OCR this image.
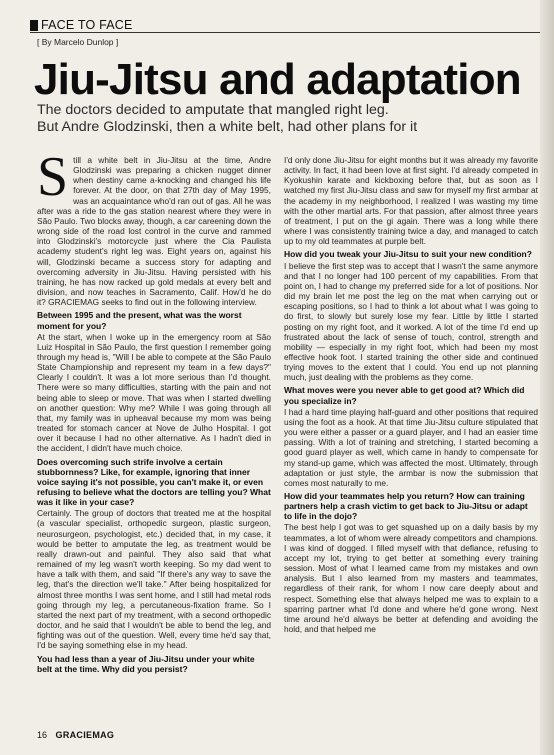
FACE TO FACE
[ By Marcelo Dunlop ]
Jiu-Jitsu and adaptation
The doctors decided to amputate that mangled right leg.
But Andre Glodzinski, then a white belt, had other plans for it

Still a white belt in Jiu-Jitsu at the time, Andre Glodzinski was preparing a chicken nugget dinner when destiny came a-knocking and changed his life forever. At the door, on that 27th day of May 1995, was an acquaintance who'd ran out of gas. All he was after was a ride to the gas station nearest where they were in São Paulo. Two blocks away, though, a car careening down the wrong side of the road lost control in the curve and rammed into Glodzinski's motorcycle just where the Cia Paulista academy student's right leg was. Eight years on, against his will, Glodzinski became a success story for adapting and overcoming adversity in Jiu-Jitsu. Having persisted with his training, he has now racked up gold medals at every belt and division, and now teaches in Sacramento, Calif. How'd he do it? GRACIEMAG seeks to find out in the following interview.

Between 1995 and the present, what was the worst moment for you?

At the start, when I woke up in the emergency room at São Luiz Hospital in São Paulo, the first question I remember going through my head is, "Will I be able to compete at the São Paulo State Championship and represent my team in a few days?" Clearly I couldn't. It was a lot more serious than I'd thought. There were so many difficulties, starting with the pain and not being able to sleep or move. That was when I started dwelling on another question: Why me? While I was going through all that, my family was in upheaval because my mom was being treated for stomach cancer at Nove de Julho Hospital. I got over it because I had no other alternative. As I hadn't died in the accident, I didn't have much choice.

Does overcoming such strife involve a certain stubbornness? Like, for example, ignoring that inner voice saying it's not possible, you can't make it, or even refusing to believe what the doctors are telling you? What was it like in your case?

Certainly. The group of doctors that treated me at the hospital (a vascular specialist, orthopedic surgeon, plastic surgeon, neurosurgeon, psychologist, etc.) decided that, in my case, it would be better to amputate the leg, as treatment would be really drawn-out and painful. They also said that what remained of my leg wasn't worth keeping. So my dad went to have a talk with them, and said "If there's any way to save the leg, that's the direction we'll take." After being hospitalized for almost three months I was sent home, and I still had metal rods going through my leg, a percutaneous-fixation frame. So I started the next part of my treatment, with a second orthopedic doctor, and he said that I wouldn't be able to bend the leg, and fighting was out of the question. Well, every time he'd say that, I'd be saying something else in my head.

You had less than a year of Jiu-Jitsu under your white belt at the time. Why did you persist?

I'd only done Jiu-Jitsu for eight months but it was already my favorite activity. In fact, it had been love at first sight. I'd already competed in Kyokushin karate and kickboxing before that, but as soon as I watched my first Jiu-Jitsu class and saw for myself my first armbar at the academy in my neighborhood, I realized I was wasting my time with the other martial arts. For that passion, after almost three years of treatment, I put on the gi again. There was a long while there where I was consistently training twice a day, and managed to catch up to my old teammates at purple belt.

How did you tweak your Jiu-Jitsu to suit your new condition?

I believe the first step was to accept that I wasn't the same anymore and that I no longer had 100 percent of my capabilities. From that point on, I had to change my preferred side for a lot of positions. Nor did my brain let me post the leg on the mat when carrying out or escaping positions, so I had to think a lot about what I was going to do first, to slowly but surely lose my fear. Little by little I started posting on my right foot, and it worked. A lot of the time I'd end up frustrated about the lack of sense of touch, control, strength and mobility — especially in my right foot, which had been my most effective hook foot. I started training the other side and continued trying moves to the extent that I could. You end up not planning much, just dealing with the problems as they come.

What moves were you never able to get good at? Which did you specialize in?

I had a hard time playing half-guard and other positions that required using the foot as a hook. At that time Jiu-Jitsu culture stipulated that you were either a passer or a guard player, and I had an easier time passing. With a lot of training and stretching, I started becoming a good guard player as well, which came in handy to compensate for my stand-up game, which was affected the most. Ultimately, through adaptation or just style, the armbar is now the submission that comes most naturally to me.

How did your teammates help you return? How can training partners help a crash victim to get back to Jiu-Jitsu or adapt to life in the dojo?

The best help I got was to get squashed up on a daily basis by my teammates, a lot of whom were already competitors and champions. I was kind of dogged. I filled myself with that defiance, refusing to accept my lot, trying to get better at something every training session. Most of what I learned came from my mistakes and own analysis. But I also learned from my masters and teammates, regardless of their rank, for whom I now care deeply about and respect. Something else that always helped me was to explain to a sparring partner what I'd done and where he'd gone wrong. Next time around he'd always be better at defending and avoiding the hold, and that helped me

16 GRACIEMAG
